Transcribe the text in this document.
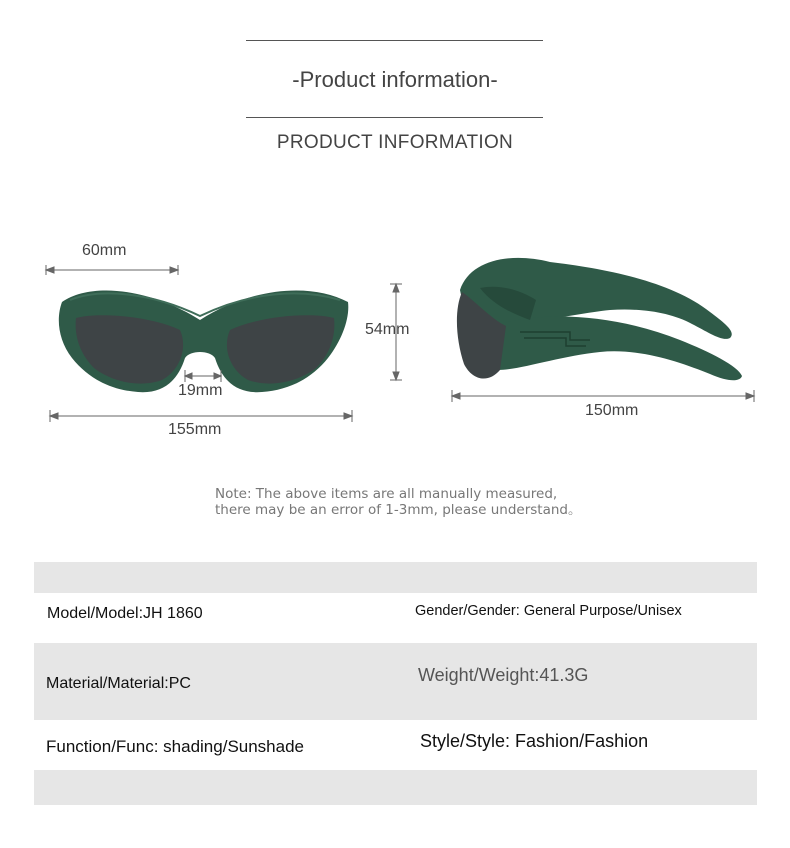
-Product information-
PRODUCT INFORMATION
60mm
19mm
155mm
54mm
150mm
Note: The above items are all manually measured,
there may be an error of 1-3mm, please understand。
Model/Model:JH 1860	Gender/Gender: General Purpose/Unisex
Material/Material:PC	Weight/Weight:41.3G
Function/Func: shading/Sunshade	Style/Style: Fashion/Fashion
